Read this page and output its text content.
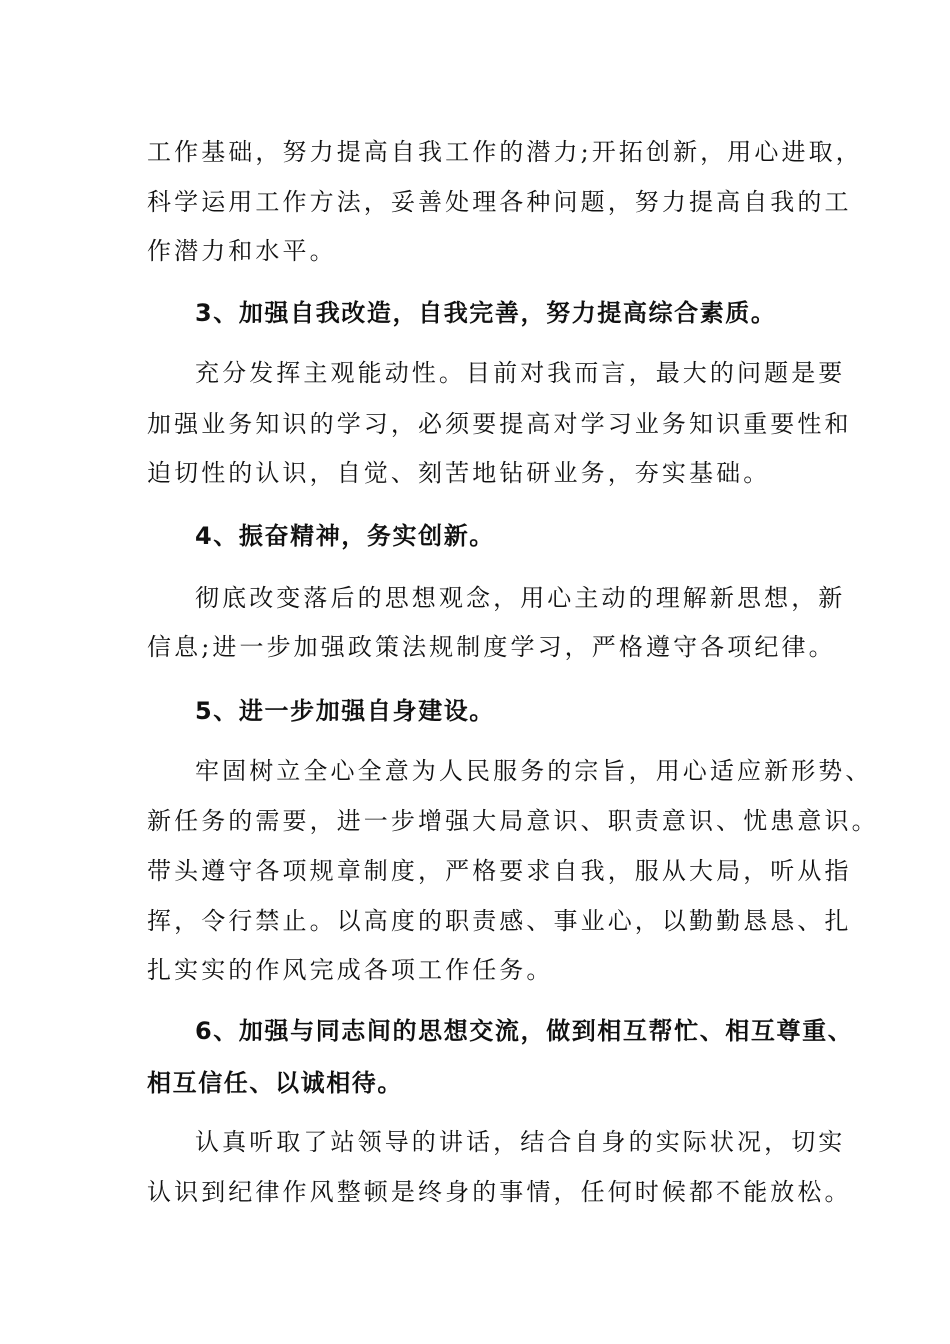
工作基础，努力提高自我工作的潜力;开拓创新，用心进取，
科学运用工作方法，妥善处理各种问题，努力提高自我的工
作潜力和水平。
3、加强自我改造，自我完善，努力提高综合素质。
充分发挥主观能动性。目前对我而言，最大的问题是要
加强业务知识的学习，必须要提高对学习业务知识重要性和
迫切性的认识，自觉、刻苦地钻研业务，夯实基础。
4、振奋精神，务实创新。
彻底改变落后的思想观念，用心主动的理解新思想，新
信息;进一步加强政策法规制度学习，严格遵守各项纪律。
5、进一步加强自身建设。
牢固树立全心全意为人民服务的宗旨，用心适应新形势、
新任务的需要，进一步增强大局意识、职责意识、忧患意识。
带头遵守各项规章制度，严格要求自我，服从大局，听从指
挥，令行禁止。以高度的职责感、事业心，以勤勤恳恳、扎
扎实实的作风完成各项工作任务。
6、加强与同志间的思想交流，做到相互帮忙、相互尊重、
相互信任、以诚相待。
认真听取了站领导的讲话，结合自身的实际状况，切实
认识到纪律作风整顿是终身的事情，任何时候都不能放松。
